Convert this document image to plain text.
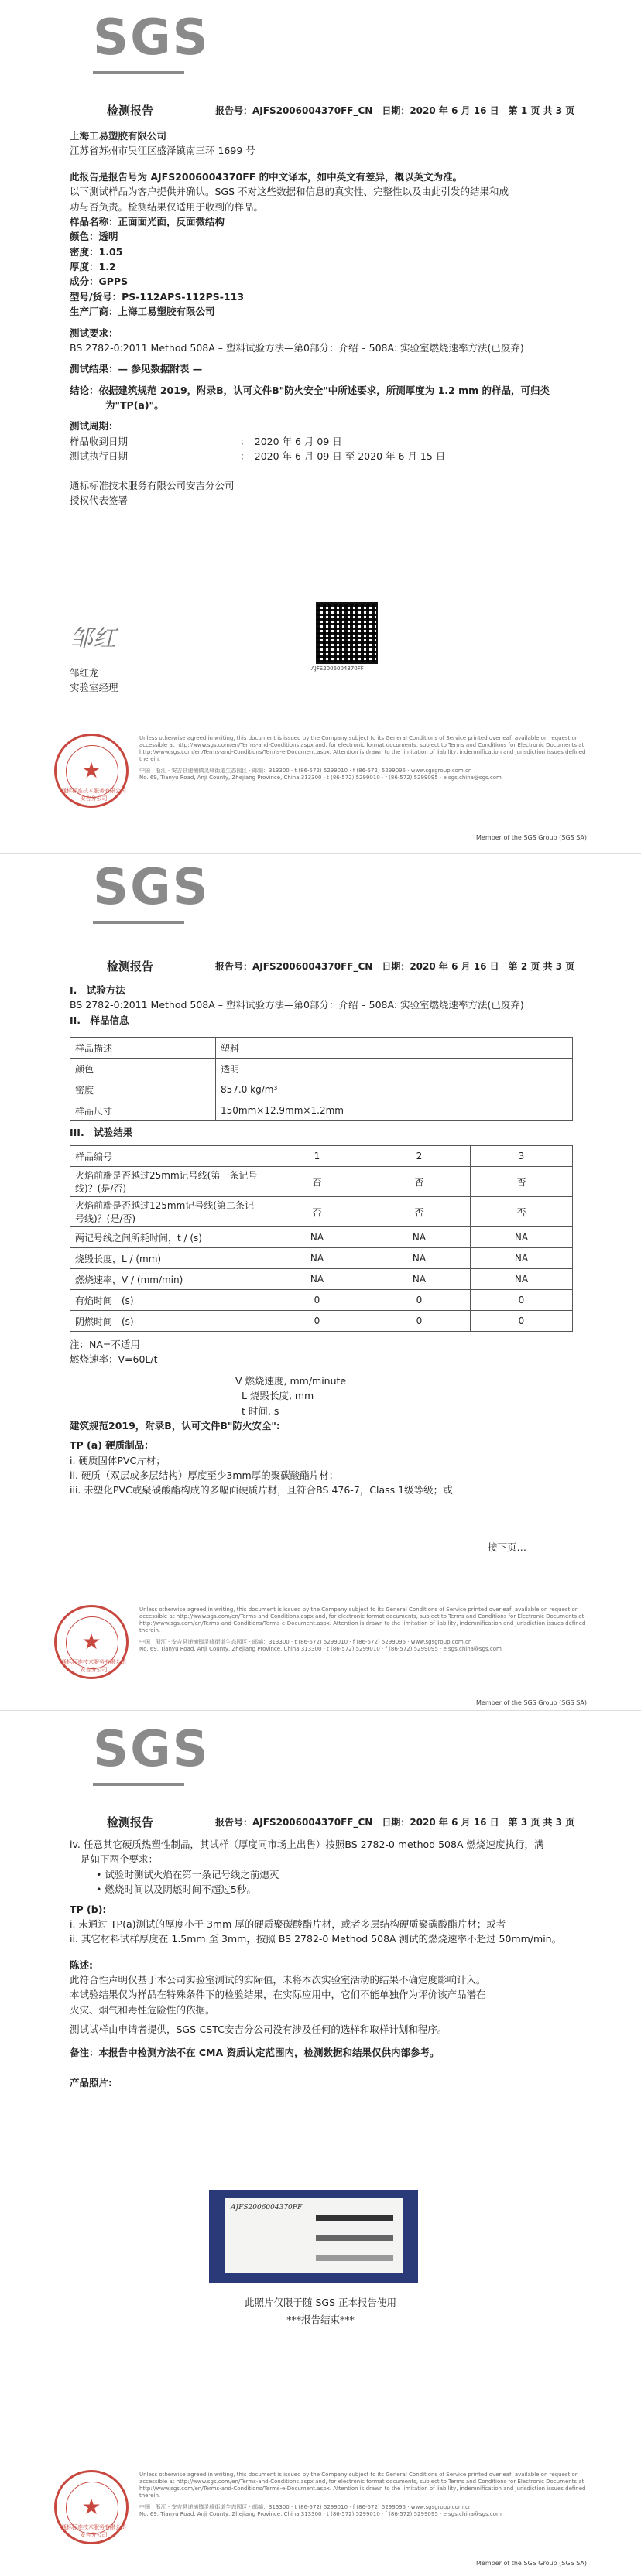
SGS
检测报告	报告号：AJFS2006004370FF_CN　日期：2020 年 6 月 16 日　第 1 页 共 3 页
上海工易塑胶有限公司
江苏省苏州市吴江区盛泽镇南三环 1699 号
此报告是报告号为 AJFS2006004370FF 的中文译本，如中英文有差异，概以英文为准。
以下测试样品为客户提供并确认。SGS 不对这些数据和信息的真实性、完整性以及由此引发的结果和成
功与否负责。检测结果仅适用于收到的样品。
样品名称：正面面光面，反面微结构
颜色：透明
密度：1.05
厚度：1.2
成分：GPPS
型号/货号：PS-112APS-112PS-113
生产厂商：上海工易塑胶有限公司
测试要求：
BS 2782-0:2011 Method 508A – 塑料试验方法—第0部分：介绍 – 508A: 实验室燃烧速率方法(已废弃)
测试结果：— 参见数据附表 —
结论：依据建筑规范 2019，附录B，认可文件B"防火安全"中所述要求，所测厚度为 1.2 mm 的样品，可归类
为"TP(a)"。
测试周期：
样品收到日期	：　2020 年 6 月 09 日
测试执行日期	：　2020 年 6 月 09 日 至 2020 年 6 月 15 日
通标标准技术服务有限公司安吉分公司
授权代表签署
邹红
邹红龙
实验室经理
AJFS2006004370FF
★
通标标准技术服务有限公司安吉分公司
Unless otherwise agreed in writing, this document is issued by the Company subject to its General Conditions of Service printed overleaf, available on request or accessible at http://www.sgs.com/en/Terms-and-Conditions.aspx and, for electronic format documents, subject to Terms and Conditions for Electronic Documents at http://www.sgs.com/en/Terms-and-Conditions/Terms-e-Document.aspx. Attention is drawn to the limitation of liability, indemnification and jurisdiction issues defined therein.
中国 · 浙江 · 安吉县递铺镇灵峰街道生态园区 · 邮编：313300 · t (86-572) 5299010 · f (86-572) 5299095 · www.sgsgroup.com.cn
No. 69, Tianyu Road, Anji County, Zhejiang Province, China 313300 · t (86-572) 5299010 · f (86-572) 5299095 · e sgs.china@sgs.com
Member of the SGS Group (SGS SA)
SGS
检测报告	报告号：AJFS2006004370FF_CN　日期：2020 年 6 月 16 日　第 2 页 共 3 页
I.　试验方法
BS 2782-0:2011 Method 508A – 塑料试验方法—第0部分：介绍 – 508A: 实验室燃烧速率方法(已废弃)
II.　样品信息
样品描述	塑料
颜色	透明
密度	857.0 kg/m³
样品尺寸	150mm×12.9mm×1.2mm
III.　试验结果
样品编号	1	2	3
火焰前端是否越过25mm记号线(第一条记号线)？(是/否)	否	否	否
火焰前端是否越过125mm记号线(第二条记号线)？(是/否)	否	否	否
两记号线之间所耗时间，t / (s)	NA	NA	NA
烧毁长度，L / (mm)	NA	NA	NA
燃烧速率，V / (mm/min)	NA	NA	NA
有焰时间　(s)	0	0	0
阴燃时间　(s)	0	0	0
注：NA=不适用
燃烧速率：V=60L/t
V 燃烧速度, mm/minute
L 烧毁长度, mm
t 时间, s
建筑规范2019，附录B，认可文件B"防火安全":
TP (a) 硬质制品：
i. 硬质固体PVC片材；
ii. 硬质（双层或多层结构）厚度至少3mm厚的聚碳酸酯片材；
iii. 未塑化PVC或聚碳酸酯构成的多幅面硬质片材，且符合BS 476-7，Class 1级等级；或
接下页…
★
通标标准技术服务有限公司安吉分公司
Unless otherwise agreed in writing, this document is issued by the Company subject to its General Conditions of Service printed overleaf, available on request or accessible at http://www.sgs.com/en/Terms-and-Conditions.aspx and, for electronic format documents, subject to Terms and Conditions for Electronic Documents at http://www.sgs.com/en/Terms-and-Conditions/Terms-e-Document.aspx. Attention is drawn to the limitation of liability, indemnification and jurisdiction issues defined therein.
中国 · 浙江 · 安吉县递铺镇灵峰街道生态园区 · 邮编：313300 · t (86-572) 5299010 · f (86-572) 5299095 · www.sgsgroup.com.cn
No. 69, Tianyu Road, Anji County, Zhejiang Province, China 313300 · t (86-572) 5299010 · f (86-572) 5299095 · e sgs.china@sgs.com
Member of the SGS Group (SGS SA)
SGS
检测报告	报告号：AJFS2006004370FF_CN　日期：2020 年 6 月 16 日　第 3 页 共 3 页
iv. 任意其它硬质热塑性制品，其试样（厚度同市场上出售）按照BS 2782-0 method 508A 燃烧速度执行，满
足如下两个要求：
• 试验时测试火焰在第一条记号线之前熄灭
• 燃烧时间以及阴燃时间不超过5秒。
TP (b):
i. 未通过 TP(a)测试的厚度小于 3mm 厚的硬质聚碳酸酯片材，或者多层结构硬质聚碳酸酯片材；或者
ii. 其它材料试样厚度在 1.5mm 至 3mm，按照 BS 2782-0 Method 508A 测试的燃烧速率不超过 50mm/min。
陈述:
此符合性声明仅基于本公司实验室测试的实际值，未将本次实验室活动的结果不确定度影响计入。
本试验结果仅为样品在特殊条件下的检验结果，在实际应用中，它们不能单独作为评价该产品潜在
火灾、烟气和毒性危险性的依据。
测试试样由申请者提供，SGS-CSTC安吉分公司没有涉及任何的选样和取样计划和程序。
备注：本报告中检测方法不在 CMA 资质认定范围内，检测数据和结果仅供内部参考。
产品照片:
AJFS2006004370FF
此照片仅限于随 SGS 正本报告使用
***报告结束***
★
通标标准技术服务有限公司安吉分公司
Unless otherwise agreed in writing, this document is issued by the Company subject to its General Conditions of Service printed overleaf, available on request or accessible at http://www.sgs.com/en/Terms-and-Conditions.aspx and, for electronic format documents, subject to Terms and Conditions for Electronic Documents at http://www.sgs.com/en/Terms-and-Conditions/Terms-e-Document.aspx. Attention is drawn to the limitation of liability, indemnification and jurisdiction issues defined therein.
中国 · 浙江 · 安吉县递铺镇灵峰街道生态园区 · 邮编：313300 · t (86-572) 5299010 · f (86-572) 5299095 · www.sgsgroup.com.cn
No. 69, Tianyu Road, Anji County, Zhejiang Province, China 313300 · t (86-572) 5299010 · f (86-572) 5299095 · e sgs.china@sgs.com
Member of the SGS Group (SGS SA)
